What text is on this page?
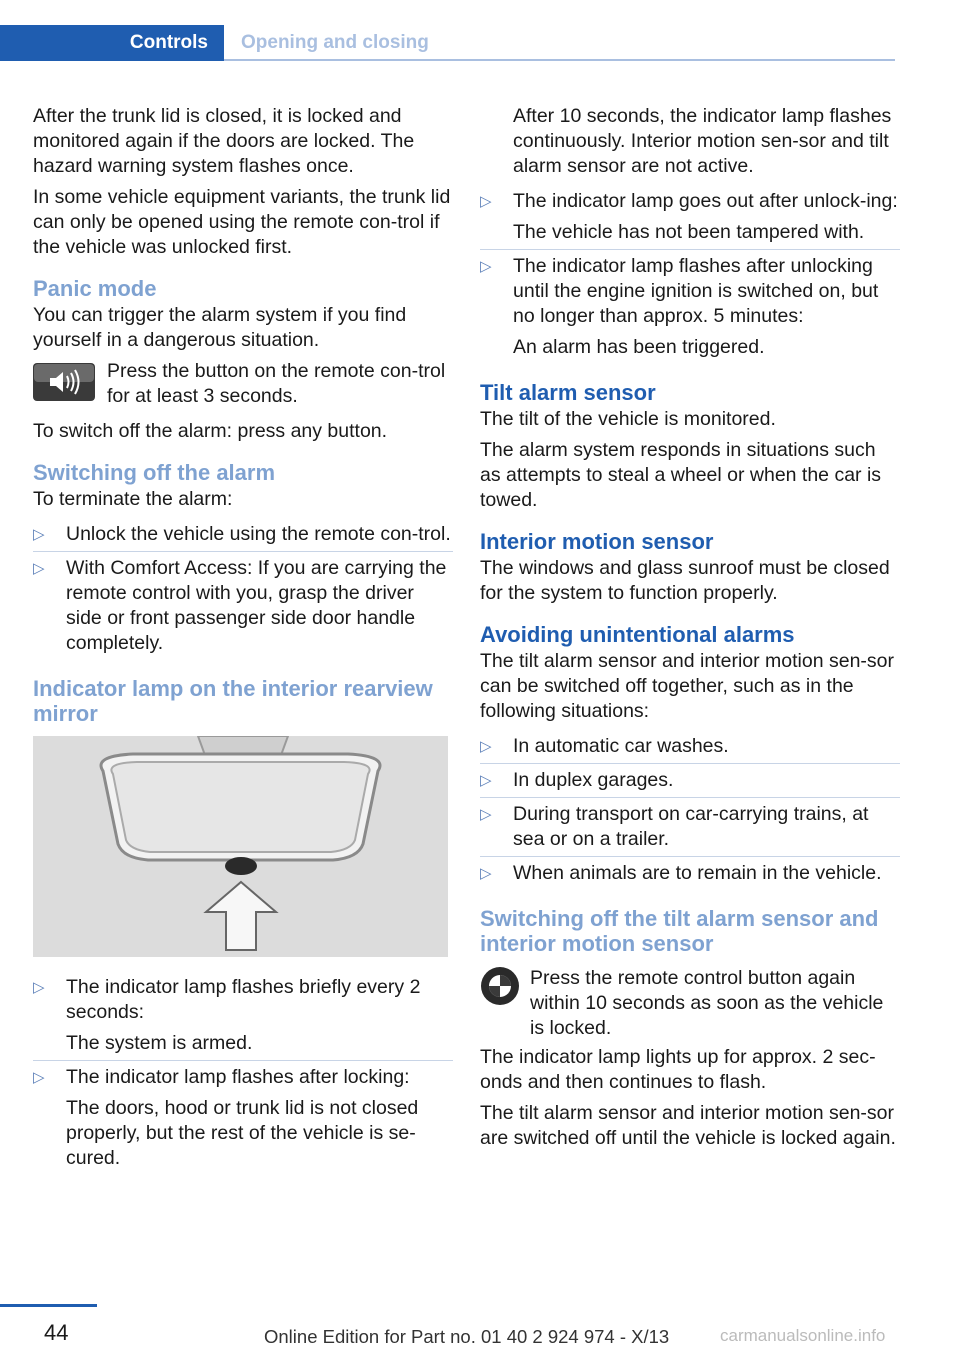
Controls	Opening and closing

After the trunk lid is closed, it is locked and monitored again if the doors are locked. The hazard warning system flashes once.

In some vehicle equipment variants, the trunk lid can only be opened using the remote con-trol if the vehicle was unlocked first.

Panic mode

You can trigger the alarm system if you find yourself in a dangerous situation.

Press the button on the remote con-trol for at least 3 seconds.

To switch off the alarm: press any button.

Switching off the alarm

To terminate the alarm:

▷ Unlock the vehicle using the remote con-trol.
▷ With Comfort Access: If you are carrying the remote control with you, grasp the driver side or front passenger side door handle completely.
Indicator lamp on the interior rearview mirror
▷ The indicator lamp flashes briefly every 2 seconds:
The system is armed.
▷ The indicator lamp flashes after locking:
The doors, hood or trunk lid is not closed properly, but the rest of the vehicle is se-cured.

After 10 seconds, the indicator lamp flashes continuously. Interior motion sen-sor and tilt alarm sensor are not active.

▷ The indicator lamp goes out after unlock-ing:
The vehicle has not been tampered with.
▷ The indicator lamp flashes after unlocking until the engine ignition is switched on, but no longer than approx. 5 minutes:
An alarm has been triggered.
Tilt alarm sensor

The tilt of the vehicle is monitored.

The alarm system responds in situations such as attempts to steal a wheel or when the car is towed.

Interior motion sensor

The windows and glass sunroof must be closed for the system to function properly.

Avoiding unintentional alarms

The tilt alarm sensor and interior motion sen-sor can be switched off together, such as in the following situations:

▷ In automatic car washes.
▷ In duplex garages.
▷ During transport on car-carrying trains, at sea or on a trailer.
▷ When animals are to remain in the vehicle.
Switching off the tilt alarm sensor and interior motion sensor
Press the remote control button again within 10 seconds as soon as the vehicle is locked.

The indicator lamp lights up for approx. 2 sec-onds and then continues to flash.

The tilt alarm sensor and interior motion sen-sor are switched off until the vehicle is locked again.

44	Online Edition for Part no. 01 40 2 924 974 - X/13	carmanualsonline.info
